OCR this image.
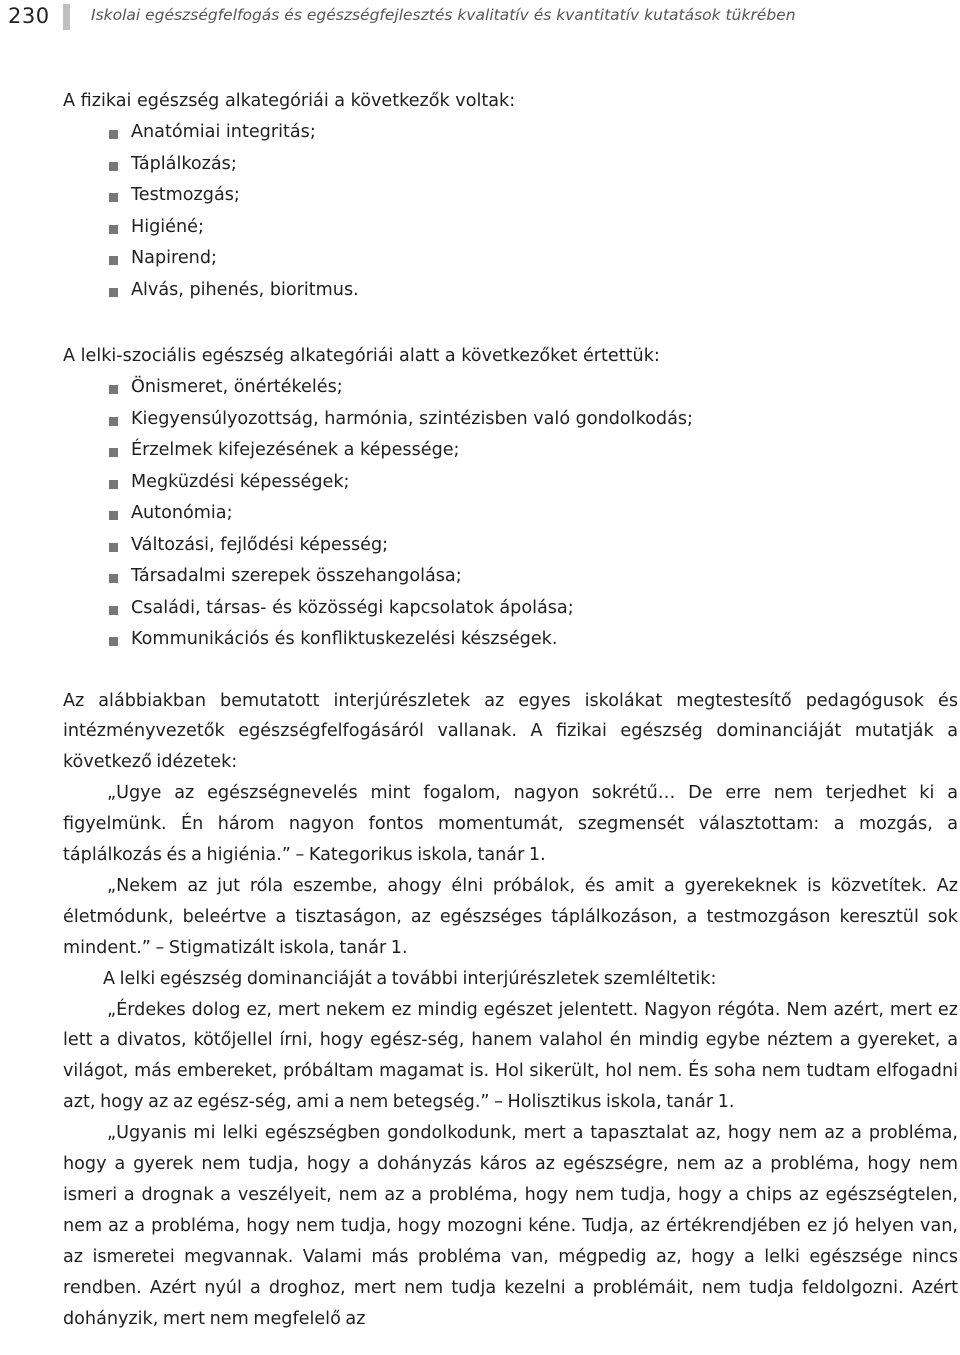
230	Iskolai egészségfelfogás és egészségfejlesztés kvalitatív és kvantitatív kutatások tükrében

A fizikai egészség alkategóriái a következők voltak:

Anatómiai integritás;
Táplálkozás;
Testmozgás;
Higiéné;
Napirend;
Alvás, pihenés, bioritmus.

A lelki-szociális egészség alkategóriái alatt a következőket értettük:

Önismeret, önértékelés;
Kiegyensúlyozottság, harmónia, szintézisben való gondolkodás;
Érzelmek kifejezésének a képessége;
Megküzdési képességek;
Autonómia;
Változási, fejlődési képesség;
Társadalmi szerepek összehangolása;
Családi, társas- és közösségi kapcsolatok ápolása;
Kommunikációs és konfliktuskezelési készségek.

Az alábbiakban bemutatott interjúrészletek az egyes iskolákat megtestesítő pedagógusok és intézményvezetők egészségfelfogásáról vallanak. A fizikai egészség dominanciáját mutatják a következő idézetek:

„Ugye az egészségnevelés mint fogalom, nagyon sokrétű… De erre nem terjedhet ki a figyelmünk. Én három nagyon fontos momentumát, szegmensét választottam: a mozgás, a táplálkozás és a higiénia.” – Kategorikus iskola, tanár 1.

„Nekem az jut róla eszembe, ahogy élni próbálok, és amit a gyerekeknek is közvetítek. Az életmódunk, beleértve a tisztaságon, az egészséges táplálkozáson, a testmozgáson keresztül sok mindent.” – Stigmatizált iskola, tanár 1.

A lelki egészség dominanciáját a további interjúrészletek szemléltetik:

„Érdekes dolog ez, mert nekem ez mindig egészet jelentett. Nagyon régóta. Nem azért, mert ez lett a divatos, kötőjellel írni, hogy egész-ség, hanem valahol én mindig egybe néztem a gyereket, a világot, más embereket, próbáltam magamat is. Hol sikerült, hol nem. És soha nem tudtam elfogadni azt, hogy az az egész-ség, ami a nem betegség.” – Holisztikus iskola, tanár 1.

„Ugyanis mi lelki egészségben gondolkodunk, mert a tapasztalat az, hogy nem az a probléma, hogy a gyerek nem tudja, hogy a dohányzás káros az egészségre, nem az a probléma, hogy nem ismeri a drognak a veszélyeit, nem az a probléma, hogy nem tudja, hogy a chips az egészségtelen, nem az a probléma, hogy nem tudja, hogy mozogni kéne. Tudja, az értékrendjében ez jó helyen van, az ismeretei megvannak. Valami más probléma van, mégpedig az, hogy a lelki egészsége nincs rendben. Azért nyúl a droghoz, mert nem tudja kezelni a problémáit, nem tudja feldolgozni. Azért dohányzik, mert nem megfelelő az
